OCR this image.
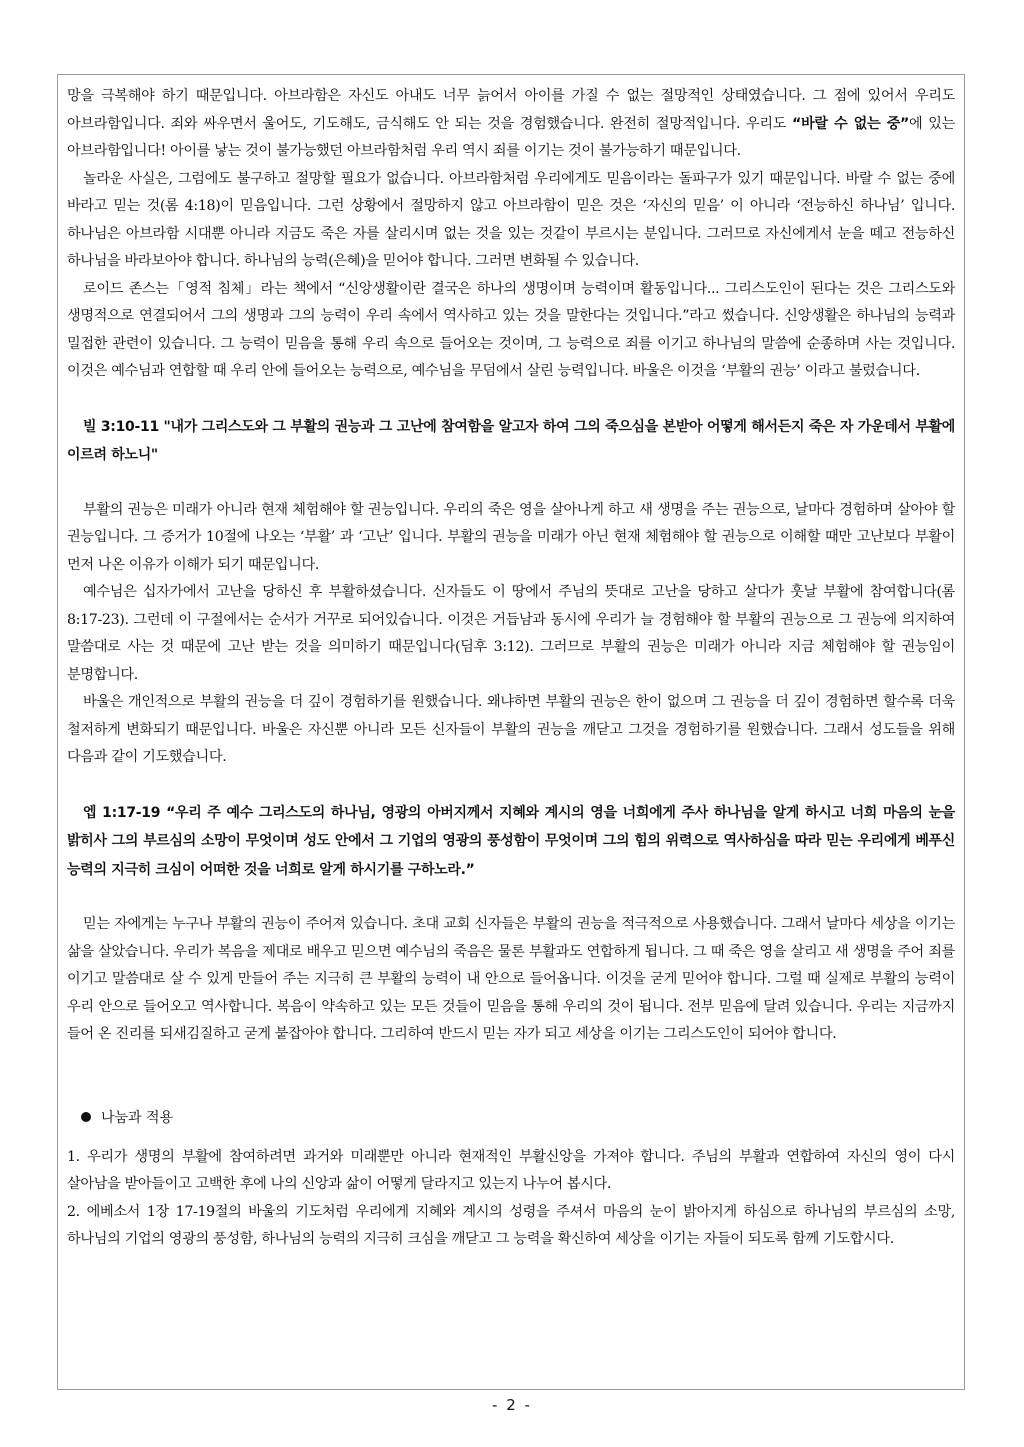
망을 극복해야 하기 때문입니다. 아브라함은 자신도 아내도 너무 늙어서 아이를 가질 수 없는 절망적인 상태였습니다. 그 점에 있어서 우리도 아브라함입니다. 죄와 싸우면서 울어도, 기도해도, 금식해도 안 되는 것을 경험했습니다. 완전히 절망적입니다. 우리도 “바랄 수 없는 중”에 있는 아브라함입니다! 아이를 낳는 것이 불가능했던 아브라함처럼 우리 역시 죄를 이기는 것이 불가능하기 때문입니다.

놀라운 사실은, 그럼에도 불구하고 절망할 필요가 없습니다. 아브라함처럼 우리에게도 믿음이라는 돌파구가 있기 때문입니다. 바랄 수 없는 중에 바라고 믿는 것(롬 4:18)이 믿음입니다. 그런 상황에서 절망하지 않고 아브라함이 믿은 것은 ‘자신의 믿음’ 이 아니라 ‘전능하신 하나님’ 입니다. 하나님은 아브라함 시대뿐 아니라 지금도 죽은 자를 살리시며 없는 것을 있는 것같이 부르시는 분입니다. 그러므로 자신에게서 눈을 떼고 전능하신 하나님을 바라보아야 합니다. 하나님의 능력(은혜)을 믿어야 합니다. 그러면 변화될 수 있습니다.

로이드 존스는「영적 침체」라는 책에서 “신앙생활이란 결국은 하나의 생명이며 능력이며 활동입니다... 그리스도인이 된다는 것은 그리스도와 생명적으로 연결되어서 그의 생명과 그의 능력이 우리 속에서 역사하고 있는 것을 말한다는 것입니다.”라고 썼습니다. 신앙생활은 하나님의 능력과 밀접한 관련이 있습니다. 그 능력이 믿음을 통해 우리 속으로 들어오는 것이며, 그 능력으로 죄를 이기고 하나님의 말씀에 순종하며 사는 것입니다. 이것은 예수님과 연합할 때 우리 안에 들어오는 능력으로, 예수님을 무덤에서 살린 능력입니다. 바울은 이것을 ‘부활의 권능’ 이라고 불렀습니다.

빌 3:10-11 "내가 그리스도와 그 부활의 권능과 그 고난에 참여함을 알고자 하여 그의 죽으심을 본받아 어떻게 해서든지 죽은 자 가운데서 부활에 이르려 하노니"

부활의 권능은 미래가 아니라 현재 체험해야 할 권능입니다. 우리의 죽은 영을 살아나게 하고 새 생명을 주는 권능으로, 날마다 경험하며 살아야 할 권능입니다. 그 증거가 10절에 나오는 ‘부활’ 과 ‘고난’ 입니다. 부활의 권능을 미래가 아닌 현재 체험해야 할 권능으로 이해할 때만 고난보다 부활이 먼저 나온 이유가 이해가 되기 때문입니다.

예수님은 십자가에서 고난을 당하신 후 부활하셨습니다. 신자들도 이 땅에서 주님의 뜻대로 고난을 당하고 살다가 훗날 부활에 참여합니다(롬 8:17-23). 그런데 이 구절에서는 순서가 거꾸로 되어있습니다. 이것은 거듭남과 동시에 우리가 늘 경험해야 할 부활의 권능으로 그 권능에 의지하여 말씀대로 사는 것 때문에 고난 받는 것을 의미하기 때문입니다(딤후 3:12). 그러므로 부활의 권능은 미래가 아니라 지금 체험해야 할 권능임이 분명합니다.

바울은 개인적으로 부활의 권능을 더 깊이 경험하기를 원했습니다. 왜냐하면 부활의 권능은 한이 없으며 그 권능을 더 깊이 경험하면 할수록 더욱 철저하게 변화되기 때문입니다. 바울은 자신뿐 아니라 모든 신자들이 부활의 권능을 깨닫고 그것을 경험하기를 원했습니다. 그래서 성도들을 위해 다음과 같이 기도했습니다.

엡 1:17-19 “우리 주 예수 그리스도의 하나님, 영광의 아버지께서 지혜와 계시의 영을 너희에게 주사 하나님을 알게 하시고 너희 마음의 눈을 밝히사 그의 부르심의 소망이 무엇이며 성도 안에서 그 기업의 영광의 풍성함이 무엇이며 그의 힘의 위력으로 역사하심을 따라 믿는 우리에게 베푸신 능력의 지극히 크심이 어떠한 것을 너희로 알게 하시기를 구하노라.”

믿는 자에게는 누구나 부활의 권능이 주어져 있습니다. 초대 교회 신자들은 부활의 권능을 적극적으로 사용했습니다. 그래서 날마다 세상을 이기는 삶을 살았습니다. 우리가 복음을 제대로 배우고 믿으면 예수님의 죽음은 물론 부활과도 연합하게 됩니다. 그 때 죽은 영을 살리고 새 생명을 주어 죄를 이기고 말씀대로 살 수 있게 만들어 주는 지극히 큰 부활의 능력이 내 안으로 들어옵니다. 이것을 굳게 믿어야 합니다. 그럴 때 실제로 부활의 능력이 우리 안으로 들어오고 역사합니다. 복음이 약속하고 있는 모든 것들이 믿음을 통해 우리의 것이 됩니다. 전부 믿음에 달려 있습니다. 우리는 지금까지 들어 온 진리를 되새김질하고 굳게 붙잡아야 합니다. 그리하여 반드시 믿는 자가 되고 세상을 이기는 그리스도인이 되어야 합니다.

나눔과 적용

1. 우리가 생명의 부활에 참여하려면 과거와 미래뿐만 아니라 현재적인 부활신앙을 가져야 합니다. 주님의 부활과 연합하여 자신의 영이 다시 살아남을 받아들이고 고백한 후에 나의 신앙과 삶이 어떻게 달라지고 있는지 나누어 봅시다.

2. 에베소서 1장 17-19절의 바울의 기도처럼 우리에게 지혜와 계시의 성령을 주셔서 마음의 눈이 밝아지게 하심으로 하나님의 부르심의 소망, 하나님의 기업의 영광의 풍성함, 하나님의 능력의 지극히 크심을 깨닫고 그 능력을 확신하여 세상을 이기는 자들이 되도록 함께 기도합시다.

- 2 -
